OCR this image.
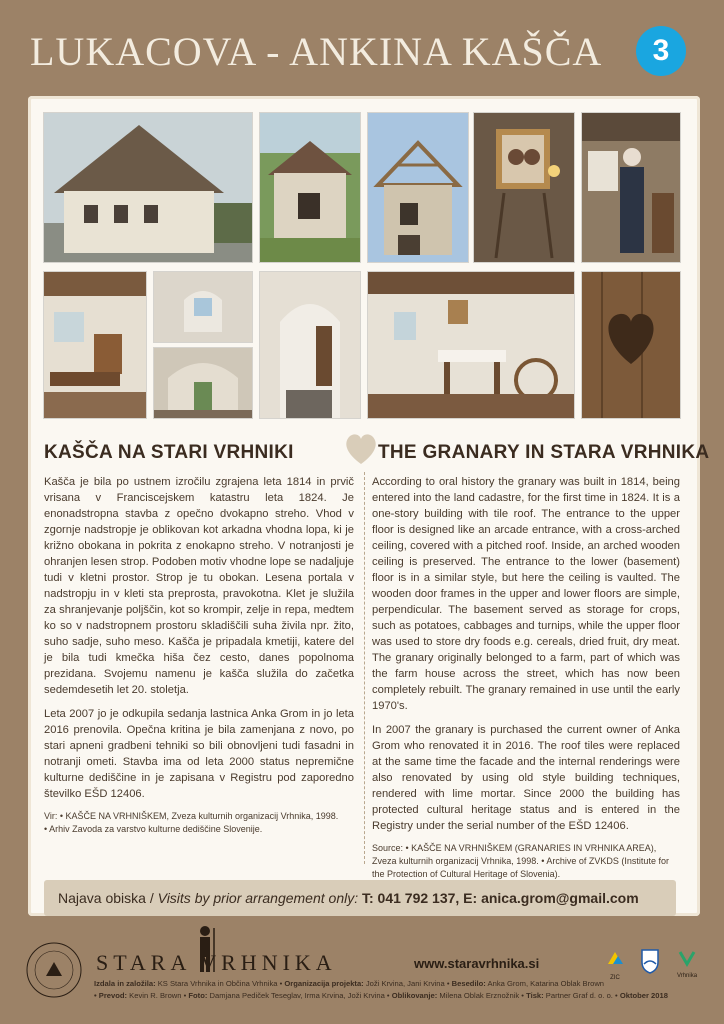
LUKACOVA - ANKINA KAŠČA	3
KAŠČA NA STARI VRHNIKI	THE GRANARY IN STARA VRHNIKA

Kašča je bila po ustnem izročilu zgrajena leta 1814 in prvič vrisana v Franciscejskem katastru leta 1824. Je enonadstropna stavba z opečno dvokapno streho. Vhod v zgornje nadstropje je oblikovan kot arkadna vhodna lopa, ki je križno obokana in pokrita z enokapno streho. V notranjosti je ohranjen lesen strop. Podoben motiv vhodne lope se nadaljuje tudi v kletni prostor. Strop je tu obokan. Lesena portala v nadstropju in v kleti sta preprosta, pravokotna. Klet je služila za shranjevanje poljščin, kot so krompir, zelje in repa, medtem ko so v nadstropnem prostoru skladiščili suha živila npr. žito, suho sadje, suho meso. Kašča je pripadala kmetiji, katere del je bila tudi kmečka hiša čez cesto, danes popolnoma prezidana. Svojemu namenu je kašča služila do začetka sedemdesetih let 20. stoletja.

Leta 2007 jo je odkupila sedanja lastnica Anka Grom in jo leta 2016 prenovila. Opečna kritina je bila zamenjana z novo, po stari apneni gradbeni tehniki so bili obnovljeni tudi fasadni in notranji ometi. Stavba ima od leta 2000 status nepremične kulturne dediščine in je zapisana v Registru pod zaporedno številko EŠD 12406.

Vir: • KAŠČE NA VRHNIŠKEM, Zveza kulturnih organizacij Vrhnika, 1998.
• Arhiv Zavoda za varstvo kulturne dediščine Slovenije.

According to oral history the granary was built in 1814, being entered into the land cadastre, for the first time in 1824. It is a one-story building with tile roof. The entrance to the upper floor is designed like an arcade entrance, with a cross-arched ceiling, covered with a pitched roof. Inside, an arched wooden ceiling is preserved. The entrance to the lower (basement) floor is in a similar style, but here the ceiling is vaulted. The wooden door frames in the upper and lower floors are simple, perpendicular. The basement served as storage for crops, such as potatoes, cabbages and turnips, while the upper floor was used to store dry foods e.g. cereals, dried fruit, dry meat. The granary originally belonged to a farm, part of which was the farm house across the street, which has now been completely rebuilt. The granary remained in use until the early 1970's.

In 2007 the granary is purchased the current owner of Anka Grom who renovated it in 2016. The roof tiles were replaced at the same time the facade and the internal renderings were also renovated by using old style building techniques, rendered with lime mortar. Since 2000 the building has protected cultural heritage status and is entered in the Registry under the serial number of the EŠD 12406.

Source: • KAŠČE NA VRHNIŠKEM (GRANARIES IN VRHNIKA AREA), Zveza kulturnih organizacij Vrhnika, 1998. • Archive of ZVKDS (Institute for the Protection of Cultural Heritage of Slovenia).

Najava obiska / Visits by prior arrangement only: T: 041 792 137, E: anica.grom@gmail.com
STARA VRHNIKA	www.staravrhnika.si
ZIC	Vrhnika
Izdala in založila: KS Stara Vrhnika in Občina Vrhnika • Organizacija projekta: Joži Krvina, Jani Krvina • Besedilo: Anka Grom, Katarina Oblak Brown
• Prevod: Kevin R. Brown • Foto: Damjana Pediček Teseglav, Irma Krvina, Joži Krvina • Oblikovanje: Milena Oblak Erznožnik • Tisk: Partner Graf d. o. o. • Oktober 2018
